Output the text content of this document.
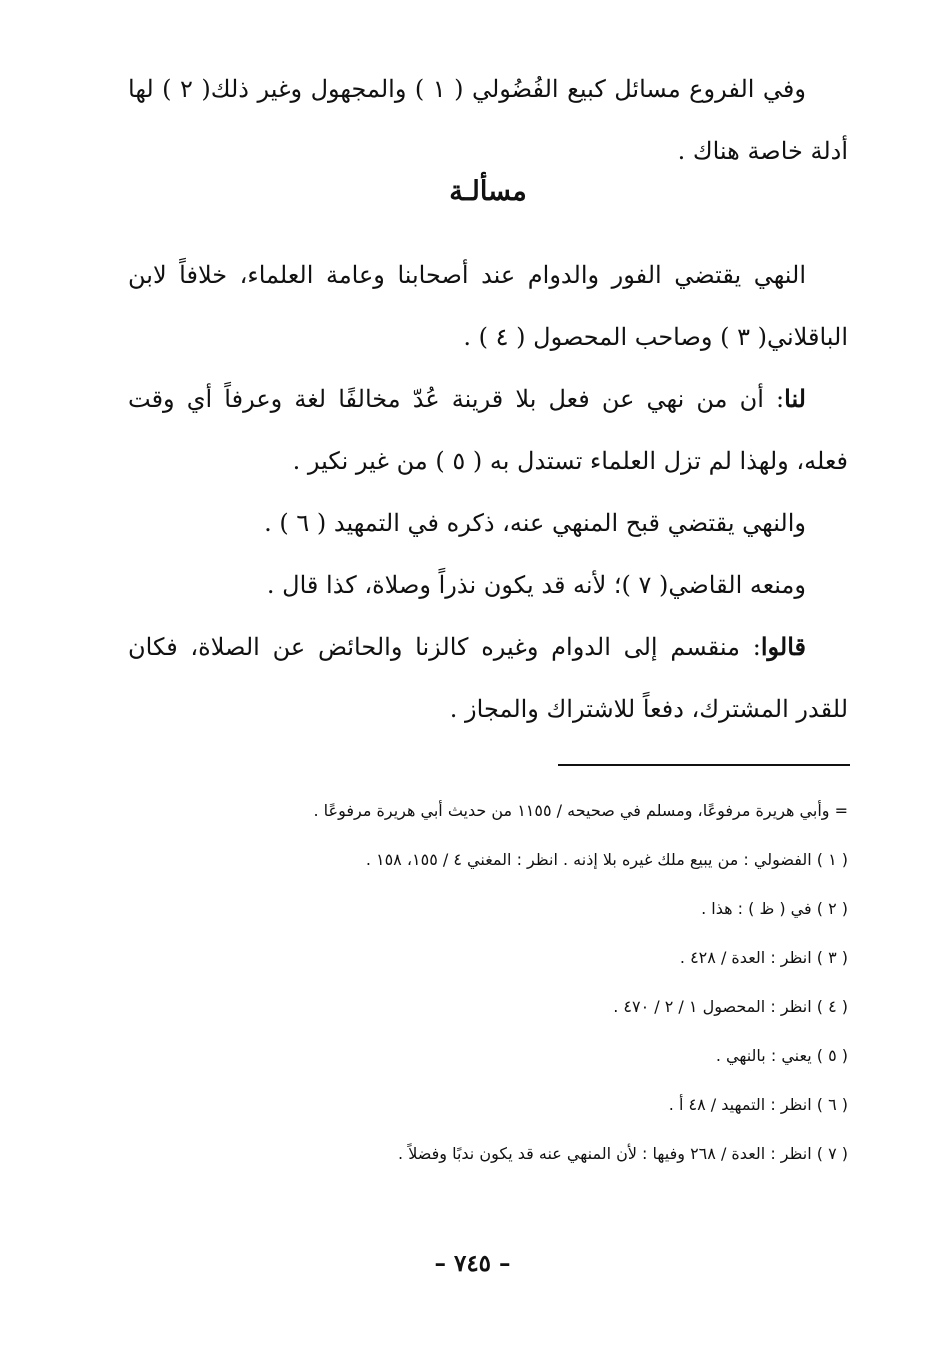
وفي الفروع مسائل كبيع الفُضُولي ( ١ ) والمجهول وغير ذلك( ٢ ) لها أدلة خاصة هناك .

مسألـة

النهي يقتضي الفور والدوام عند أصحابنا وعامة العلماء، خلافاً لابن الباقلاني( ٣ ) وصاحب المحصول ( ٤ ) .

لنا: أن من نهي عن فعل بلا قرينة عُدّ مخالفًا لغة وعرفاً أي وقت فعله، ولهذا لم تزل العلماء تستدل به ( ٥ ) من غير نكير .

والنهي يقتضي قبح المنهي عنه، ذكره في التمهيد ( ٦ ) .

ومنعه القاضي( ٧ )؛ لأنه قد يكون نذراً وصلاة، كذا قال .

قالوا: منقسم إلى الدوام وغيره كالزنا والحائض عن الصلاة، فكان للقدر المشترك، دفعاً للاشتراك والمجاز .

= وأبي هريرة مرفوعًا، ومسلم في صحيحه / ١١٥٥ من حديث أبي هريرة مرفوعًا .

( ١ ) الفضولي : من يبيع ملك غيره بلا إذنه . انظر : المغني ٤ / ١٥٥، ١٥٨ .

( ٢ ) في ( ظ ) : هذا .

( ٣ ) انظر : العدة / ٤٢٨ .

( ٤ ) انظر : المحصول ١ / ٢ / ٤٧٠ .

( ٥ ) يعني : بالنهي .

( ٦ ) انظر : التمهيد / ٤٨ أ .

( ٧ ) انظر : العدة / ٢٦٨ وفيها : لأن المنهي عنه قد يكون ندبًا وفضلاً .

– ٧٤٥ –
